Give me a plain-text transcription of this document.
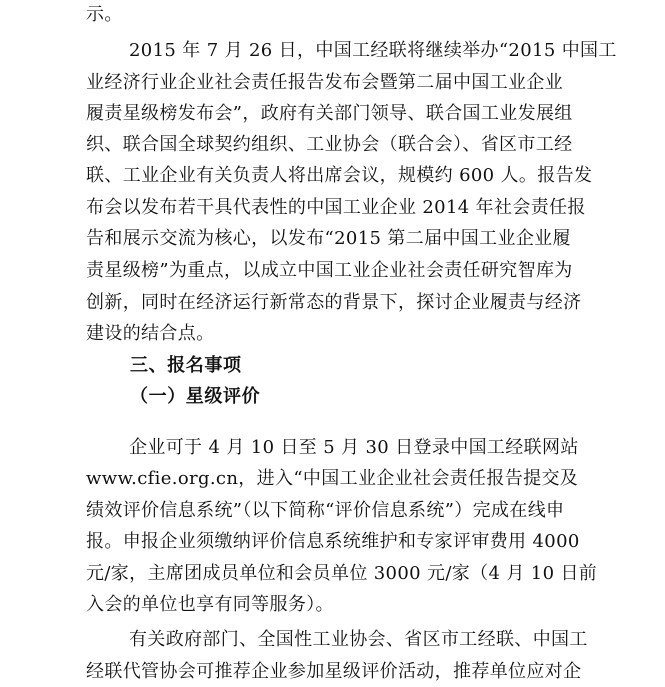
示。
2015 年 7 月 26 日，中国工经联将继续举办“2015 中国工
业经济行业企业社会责任报告发布会暨第二届中国工业企业
履责星级榜发布会”，政府有关部门领导、联合国工业发展组
织、联合国全球契约组织、工业协会（联合会）、省区市工经
联、工业企业有关负责人将出席会议，规模约 600 人。报告发
布会以发布若干具代表性的中国工业企业 2014 年社会责任报
告和展示交流为核心，以发布“2015 第二届中国工业企业履
责星级榜”为重点，以成立中国工业企业社会责任研究智库为
创新，同时在经济运行新常态的背景下，探讨企业履责与经济
建设的结合点。
三、报名事项
（一）星级评价
企业可于 4 月 10 日至 5 月 30 日登录中国工经联网站
www.cfie.org.cn，进入“中国工业企业社会责任报告提交及
绩效评价信息系统”（以下简称“评价信息系统”）完成在线申
报。申报企业须缴纳评价信息系统维护和专家评审费用 4000
元/家，主席团成员单位和会员单位 3000 元/家（4 月 10 日前
入会的单位也享有同等服务）。
有关政府部门、全国性工业协会、省区市工经联、中国工
经联代管协会可推荐企业参加星级评价活动，推荐单位应对企
